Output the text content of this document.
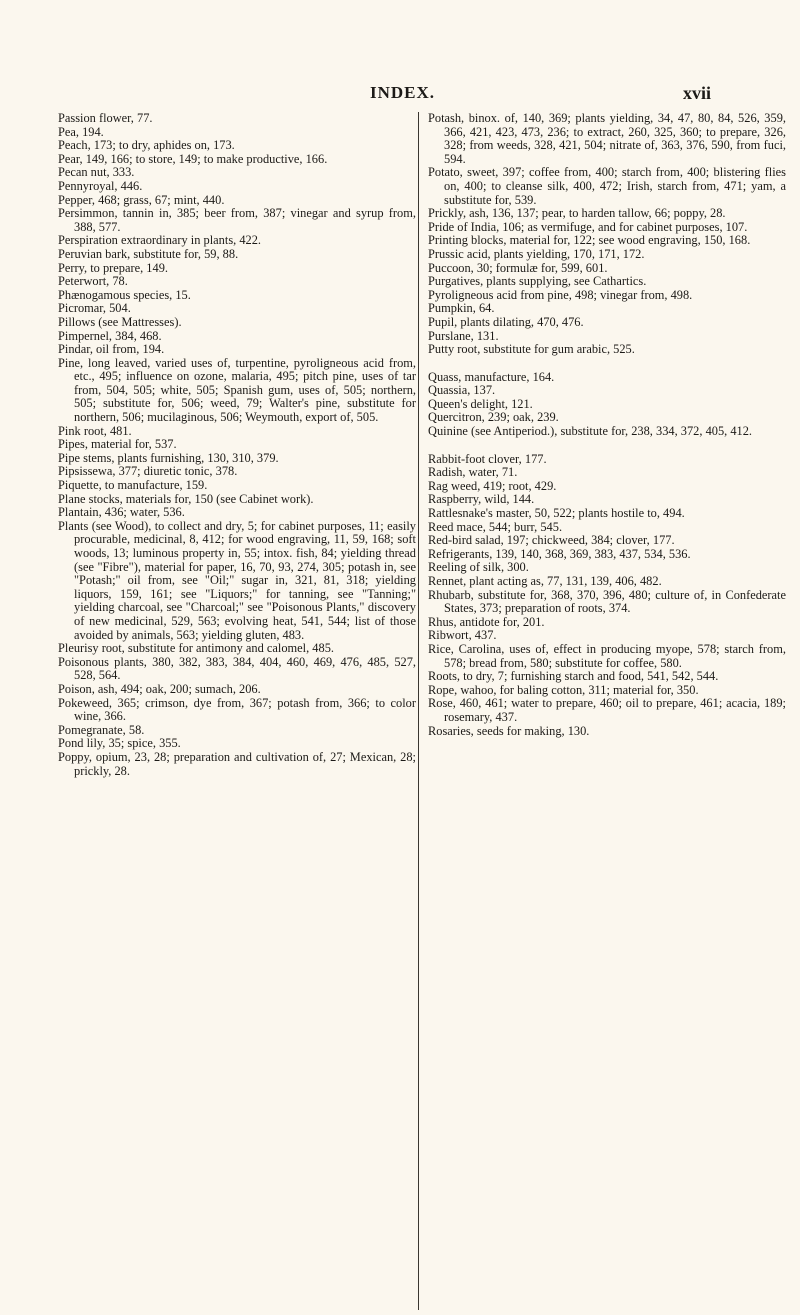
INDEX.	xvii

Passion flower, 77.

Pea, 194.

Peach, 173; to dry, aphides on, 173.

Pear, 149, 166; to store, 149; to make productive, 166.

Pecan nut, 333.

Pennyroyal, 446.

Pepper, 468; grass, 67; mint, 440.

Persimmon, tannin in, 385; beer from, 387; vinegar and syrup from, 388, 577.

Perspiration extraordinary in plants, 422.

Peruvian bark, substitute for, 59, 88.

Perry, to prepare, 149.

Peterwort, 78.

Phænogamous species, 15.

Picromar, 504.

Pillows (see Mattresses).

Pimpernel, 384, 468.

Pindar, oil from, 194.

Pine, long leaved, varied uses of, turpentine, pyroligneous acid from, etc., 495; influence on ozone, malaria, 495; pitch pine, uses of tar from, 504, 505; white, 505; Spanish gum, uses of, 505; northern, 505; substitute for, 506; weed, 79; Walter's pine, substitute for northern, 506; mucilaginous, 506; Weymouth, export of, 505.

Pink root, 481.

Pipes, material for, 537.

Pipe stems, plants furnishing, 130, 310, 379.

Pipsissewa, 377; diuretic tonic, 378.

Piquette, to manufacture, 159.

Plane stocks, materials for, 150 (see Cabinet work).

Plantain, 436; water, 536.

Plants (see Wood), to collect and dry, 5; for cabinet purposes, 11; easily procurable, medicinal, 8, 412; for wood engraving, 11, 59, 168; soft woods, 13; luminous property in, 55; intox. fish, 84; yielding thread (see "Fibre"), material for paper, 16, 70, 93, 274, 305; potash in, see "Potash;" oil from, see "Oil;" sugar in, 321, 81, 318; yielding liquors, 159, 161; see "Liquors;" for tanning, see "Tanning;" yielding charcoal, see "Charcoal;" see "Poisonous Plants," discovery of new medicinal, 529, 563; evolving heat, 541, 544; list of those avoided by animals, 563; yielding gluten, 483.

Pleurisy root, substitute for antimony and calomel, 485.

Poisonous plants, 380, 382, 383, 384, 404, 460, 469, 476, 485, 527, 528, 564.

Poison, ash, 494; oak, 200; sumach, 206.

Pokeweed, 365; crimson, dye from, 367; potash from, 366; to color wine, 366.

Pomegranate, 58.

Pond lily, 35; spice, 355.

Poppy, opium, 23, 28; preparation and cultivation of, 27; Mexican, 28; prickly, 28.

Potash, binox. of, 140, 369; plants yielding, 34, 47, 80, 84, 526, 359, 366, 421, 423, 473, 236; to extract, 260, 325, 360; to prepare, 326, 328; from weeds, 328, 421, 504; nitrate of, 363, 376, 590, from fuci, 594.

Potato, sweet, 397; coffee from, 400; starch from, 400; blistering flies on, 400; to cleanse silk, 400, 472; Irish, starch from, 471; yam, a substitute for, 539.

Prickly, ash, 136, 137; pear, to harden tallow, 66; poppy, 28.

Pride of India, 106; as vermifuge, and for cabinet purposes, 107.

Printing blocks, material for, 122; see wood engraving, 150, 168.

Prussic acid, plants yielding, 170, 171, 172.

Puccoon, 30; formulæ for, 599, 601.

Purgatives, plants supplying, see Cathartics.

Pyroligneous acid from pine, 498; vinegar from, 498.

Pumpkin, 64.

Pupil, plants dilating, 470, 476.

Purslane, 131.

Putty root, substitute for gum arabic, 525.

Quass, manufacture, 164.

Quassia, 137.

Queen's delight, 121.

Quercitron, 239; oak, 239.

Quinine (see Antiperiod.), substitute for, 238, 334, 372, 405, 412.

Rabbit-foot clover, 177.

Radish, water, 71.

Rag weed, 419; root, 429.

Raspberry, wild, 144.

Rattlesnake's master, 50, 522; plants hostile to, 494.

Reed mace, 544; burr, 545.

Red-bird salad, 197; chickweed, 384; clover, 177.

Refrigerants, 139, 140, 368, 369, 383, 437, 534, 536.

Reeling of silk, 300.

Rennet, plant acting as, 77, 131, 139, 406, 482.

Rhubarb, substitute for, 368, 370, 396, 480; culture of, in Confederate States, 373; preparation of roots, 374.

Rhus, antidote for, 201.

Ribwort, 437.

Rice, Carolina, uses of, effect in producing myope, 578; starch from, 578; bread from, 580; substitute for coffee, 580.

Roots, to dry, 7; furnishing starch and food, 541, 542, 544.

Rope, wahoo, for baling cotton, 311; material for, 350.

Rose, 460, 461; water to prepare, 460; oil to prepare, 461; acacia, 189; rosemary, 437.

Rosaries, seeds for making, 130.
